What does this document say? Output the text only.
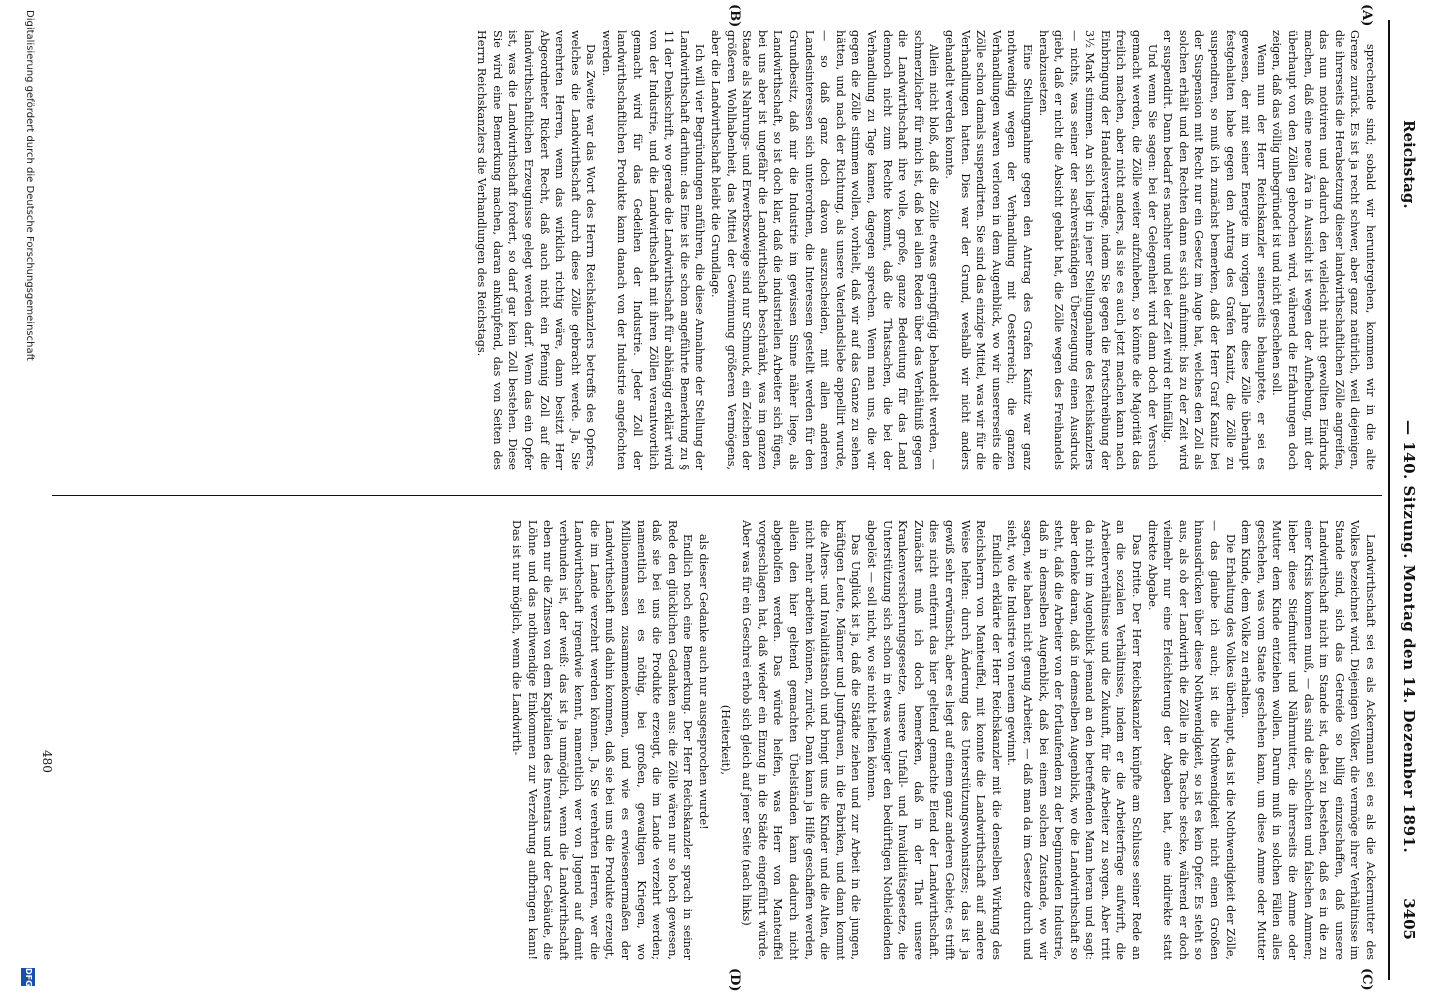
Reichstag.
— 140. Sitzung. Montag den 14. Dezember 1891.
3405
(A)
(B)
(C)
(D)

sprechende sind; sobald wir heruntergehen, kommen wir in die alte Grenze zurück. Es ist ja recht schwer, aber ganz natürlich, weil diejenigen, die ihrerseits die Herabsetzung dieser landwirthschaftlichen Zölle angreifen, das nun motiviren und dadurch den vielleicht nicht gewollten Eindruck machen, daß eine neue Ära in Aussicht ist wegen der Aufhebung, mit der überhaupt von den Zöllen gebrochen wird, während die Erfahrungen doch zeigen, daß das völlig unbegründet ist und nicht geschehen soll.

Wenn nun der Herr Reichskanzler seinerseits behauptete, er sei es gewesen, der mit seiner Energie im vorigen Jahre diese Zölle überhaupt festgehalten habe gegen den Antrag des Grafen Kanitz, die Zölle zu suspendiren, so muß ich zunächst bemerken, daß der Herr Graf Kanitz bei der Suspension mit Recht nur ein Gesetz im Auge hat, welches den Zoll als solchen erhält und den Rechten dann es sich aufnimmt: bis zu der Zeit wird er suspendirt. Dann bedarf es nachher und bei der Zeit wird er hinfällig.

Und wenn Sie sagen: bei der Gelegenheit wird dann doch der Versuch gemacht werden, die Zölle weiter aufzuheben, so könnte die Majorität das freilich machen, aber nicht anders, als sie es auch jetzt machen kann nach Einbringung der Handelsverträge, indem Sie gegen die Fortschreibung der 3½ Mark stimmen. An sich liegt in jener Stellungnahme des Reichskanzlers — nichts, was seiner der sachverständigen Überzeugung einen Ausdruck giebt, daß er nicht die Absicht gehabt hat, die Zölle wegen des Freihandels herabzusetzen.

Eine Stellungnahme gegen den Antrag des Grafen Kanitz war ganz nothwendig wegen der Verhandlung mit Oesterreich; die ganzen Verhandlungen waren verloren in dem Augenblick, wo wir unsererseits die Zölle schon damals suspendirten. Sie sind das einzige Mittel, was wir für die Verhandlungen hatten. Dies war der Grund, weshalb wir nicht anders gehandelt werden konnte.

Allein nicht bloß, daß die Zölle etwas geringfügig behandelt werden, — schmerzlicher für mich ist, daß bei allen Reden über das Verhältniß gegen die Landwirthschaft ihre volle, große, ganze Bedeutung für das Land dennoch nicht zum Rechte kommt, daß die Thatsachen, die bei der Verhandlung zu Tage kamen, dagegen sprechen. Wenn man uns, die wir gegen die Zölle stimmen wollen, vorhielt, daß wir auf das Ganze zu sehen hätten, und nach der Richtung, als unsere Vaterlandsliebe appellirt wurde, — so daß ganz doch davon auszuscheiden, mit allen anderen Landesinteressen sich unterordnen, die Interessen gestellt werden für den Grundbesitz, daß mir die Industrie im gewissen Sinne näher liege, als Landwirthschaft, so ist doch klar, daß die industriellen Arbeiter sich fügen, bei uns aber ist ungefähr die Landwirthschaft beschränkt, was im ganzen Staate als Nahrungs- und Erwerbszweige sind nur Schmuck, ein Zeichen der größeren Wohlhabenheit, das Mittel der Gewinnung größeren Vermögens, aber die Landwirthschaft bleibt die Grundlage.

Ich will vier Begründungen anführen, die diese Annahme der Stellung der Landwirthschaft darthun: das Eine ist die schon angeführte Bemerkung zu § 11 der Denkschrift, wo gerade die Landwirthschaft für abhängig erklärt wird von der Industrie, und die Landwirthschaft mit ihren Zöllen verantwortlich gemacht wird für das Gedeihen der Industrie. Jeder Zoll der landwirthschaftlichen Produkte kann danach von der Industrie angefochten werden.

Das Zweite war das Wort des Herrn Reichskanzlers betreffs des Opfers, welches die Landwirthschaft durch diese Zölle gebracht werde. Ja, Sie verehrten Herren, wenn das wirklich richtig wäre, dann besitzt Herr Abgeordneter Rickert Recht, daß auch nicht ein Pfennig Zoll auf die landwirthschaftlichen Erzeugnisse gelegt werden darf. Wenn das ein Opfer ist, was die Landwirthschaft fordert, so darf gar kein Zoll bestehen. Diese Sie wird eine Bemerkung machen, daran anknüpfend, das von Seiten des Herrn Reichskanzlers die Verhandlungen des Reichstags.

Landwirthschaft sei es als Ackermann sei es als die Ackermutter des Volkes bezeichnet wird. Diejenigen Völker, die vermöge ihrer Verhältnisse im Stande sind, sich das Getreide so billig einzuschaffen, daß unsere Landwirthschaft nicht im Stande ist, dabei zu bestehen, daß es in die zu einer Krisis kommen muß, — das sind die schlechten und falschen Ammen; lieber diese Stiefmutter und Nährmutter, die ihrerseits die Amme oder Mutter dem Kinde entziehen wollen. Darum muß in solchen Fällen alles geschehen, was vom Staate geschehen kann, um diese Amme oder Mutter dem Kinde, dem Volke zu erhalten.

Die Erhaltung des Volkes überhaupt, das ist die Nothwendigkeit der Zölle, — das glaube ich auch; ist die Nothwendigkeit nicht einen Großen hinausdrücken über diese Nothwendigkeit, so ist es kein Opfer. Es steht so aus, als ob der Landwirth die Zölle in die Tasche stecke, während er doch vielmehr nur eine Erleichterung der Abgaben hat, eine indirekte statt direkte Abgabe.

Das Dritte. Der Herr Reichskanzler knüpfte am Schlusse seiner Rede an an die sozialen Verhältnisse, indem er die Arbeiterfrage aufwirft, die Arbeiterverhältnisse und die Zukunft, für die Arbeiter zu sorgen. Aber tritt da nicht im Augenblick jemand an den betreffenden Mann heran und sagt: aber denke daran, daß in demselben Augenblick, wo die Landwirthschaft so steht, daß die Arbeiter von der fortlaufenden zu der beginnenden Industrie, daß in demselben Augenblick, daß bei einem solchen Zustande, wo wir sagen, wie haben nicht genug Arbeiter, — daß man da im Gesetze durch und sieht, wo die Industrie von neuem gewinnt.

Endlich erklärte der Herr Reichskanzler mit die denselben Wirkung des Reichsherrn von Manteuffel, mit konnte die Landwirthschaft auf andere Weise helfen: durch Änderung des Unterstützungswohnsitzes; das ist ja gewiß sehr erwünscht, aber es liegt auf einem ganz anderen Gebiet; es trifft dies nicht entfernt das hier geltend gemachte Elend der Landwirthschaft. Zunächst muß ich doch bemerken, daß in der That unsere Krankenversicherungsgesetze, unsere Unfall- und Invaliditätsgesetze, die Unterstützung sich schon in etwas weniger den bedürftigen Nothleidenden abgelöst — soll nicht, wo sie nicht helfen können.

Das Unglück ist ja, daß die Städte ziehen und zur Arbeit in die jungen, kräftigen Leute, Männer und Jungfrauen, in die Fabriken, und dann kommt die Alters- und Invaliditätsnoth und bringt uns die Kinder und die Alten, die nicht mehr arbeiten können, zurück. Dann kann ja Hilfe geschaffen werden, allein den hier geltend gemachten Übelständen kann dadurch nicht abgeholfen werden. Das würde helfen, was Herr von Manteuffel vorgeschlagen hat, daß wieder ein Einzug in die Städte eingeführt würde. Aber was für ein Geschrei erhob sich gleich auf jener Seite (nach links)

(Heiterkeit),

als dieser Gedanke auch nur ausgesprochen wurde!

Endlich noch eine Bemerkung. Der Herr Reichskanzler sprach in seiner Rede den glücklichen Gedanken aus: die Zölle wären nur so hoch gewesen, daß sie bei uns die Produkte erzeugt, die im Lande verzehrt werden; namentlich sei es nöthig, bei großen, gewaltigen Kriegen, wo Millionenmassen zusammenkommen, und wie es erwiesenermaßen der Landwirthschaft muß dahin kommen, daß sie bei uns die Produkte erzeugt, die im Lande verzehrt werden können. Ja, Sie verehrten Herren, wer die Landwirthschaft irgendwie kennt, namentlich wer von Jugend auf damit verbunden ist, der weiß: das ist ja unmöglich, wenn die Landwirthschaft eben nur die Zinsen von dem Kapitalien des Inventars und der Gebäude, die Löhne und das nothwendige Einkommen zur Verzehrung aufbringen kann! Das ist nur möglich, wenn die Landwirth-

480
Digitalisierung gefördert durch die Deutsche Forschungsgemeinschaft
DFG
